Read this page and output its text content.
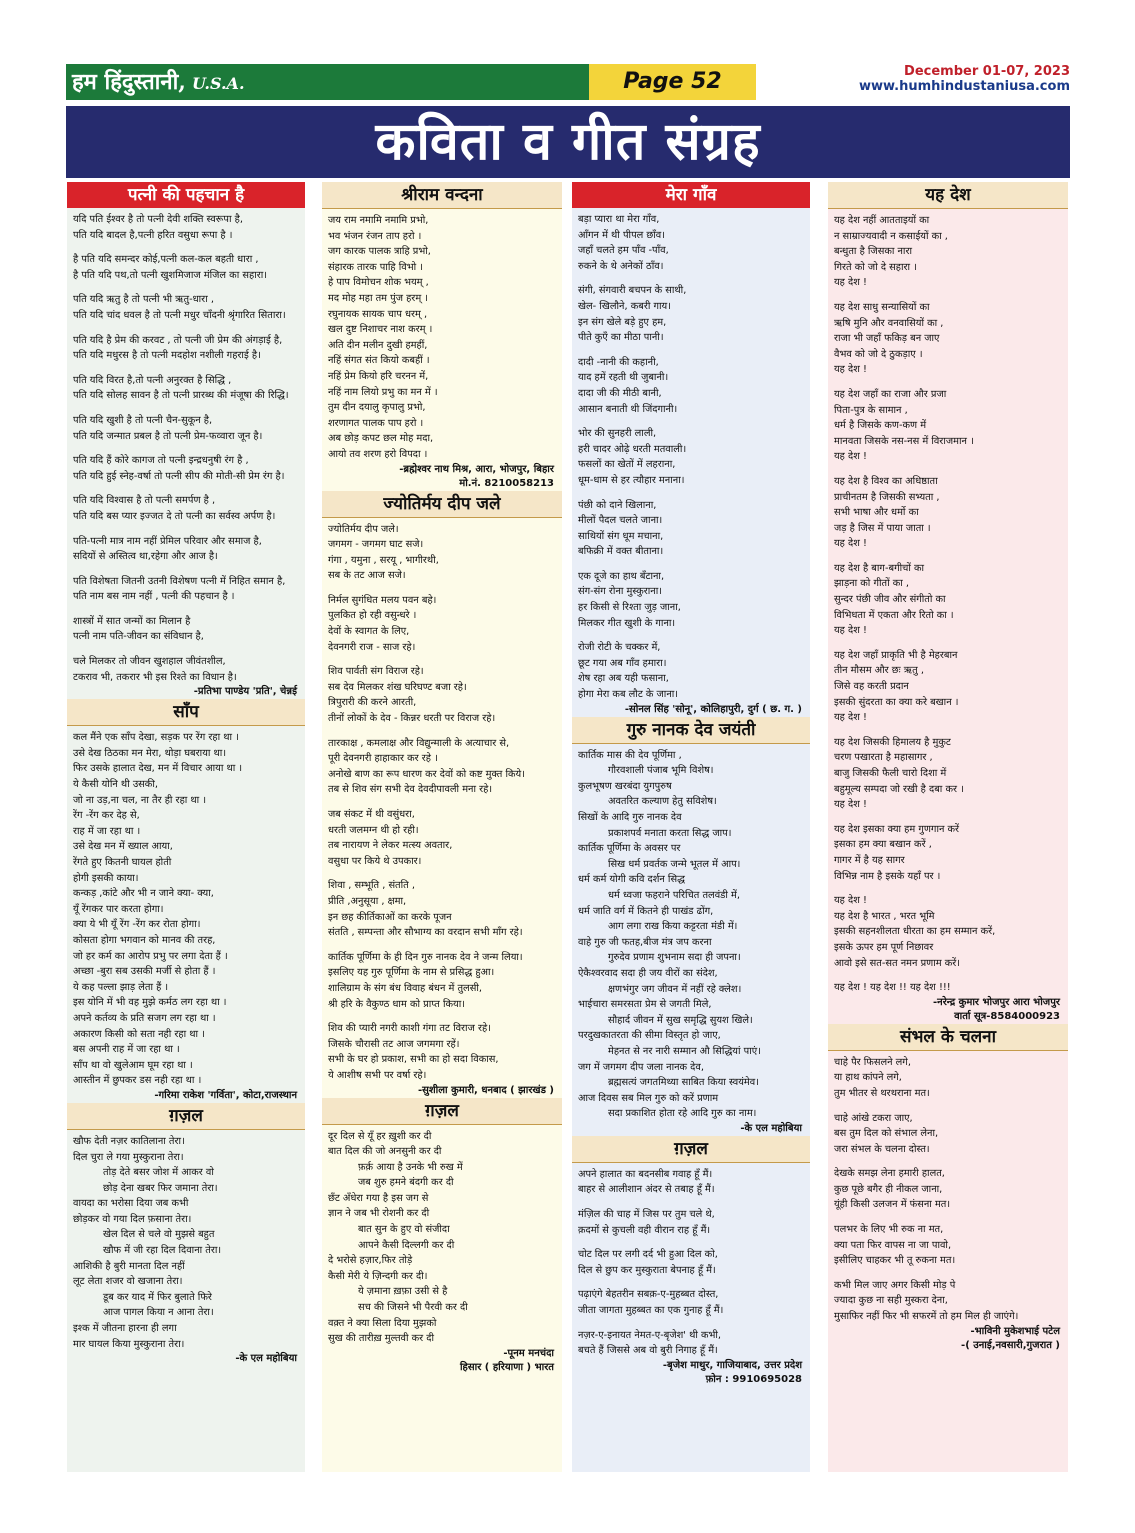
हम हिंदुस्तानी, U.S.A.	Page 52	December 01-07, 2023
www.humhindustaniusa.com
कविता व गीत संग्रह
पत्नी की पहचान है
यदि पति ईश्वर है तो पत्नी देवी शक्ति स्वरूपा है,
पति यदि बादल है,पत्नी हरित वसुधा रूपा है ।
है पति यदि समन्दर कोई,पत्नी कल-कल बहती धारा ,
है पति यदि पथ,तो पत्नी खुशमिजाज मंजिल का सहारा।
पति यदि ऋतु है तो पत्नी भी ऋतु-धारा ,
पति यदि चांद धवल है तो पत्नी मधुर चाँदनी श्रृंगारित सितारा।
पति यदि है प्रेम की करवट , तो पत्नी जी प्रेम की अंगड़ाई है,
पति यदि मधुरस है तो पत्नी मदहोश नशीली गहराई है।
पति यदि विरत है,तो पत्नी अनुरक्त है सिद्धि ,
पति यदि सोलह सावन है तो पत्नी प्रारब्ध की मंजूषा की रिद्धि।
पति यदि खुशी है तो पत्नी चैन-सुकून है,
पति यदि जन्मात प्रबल है तो पत्नी प्रेम-फव्वारा जून है।
पति यदि हैं कोरे कागज तो पत्नी इन्द्रधनुषी रंग है ,
पति यदि हुई स्नेह-वर्षा तो पत्नी सीप की मोती-सी प्रेम रंग है।
पति यदि विश्वास है तो पत्नी समर्पण है ,
पति यदि बस प्यार इज्जत दे तो पत्नी का सर्वस्व अर्पण है।
पति-पत्नी मात्र नाम नहीं प्रेमिल परिवार और समाज है,
सदियों से अस्तित्व था,रहेगा और आज है।
पति विशेषता जितनी उतनी विशेषण पत्नी में निहित समान है,
पति नाम बस नाम नहीं , पत्नी की पहचान है ।
शास्त्रों में सात जन्मों का मिलान है
पत्नी नाम पति-जीवन का संविधान है,
चले मिलकर तो जीवन खुशहाल जीवंतशील,
टकराव भी, तकरार भी इस रिश्ते का विधान है।
-प्रतिभा पाण्डेय 'प्रति', चेन्नई
साँप
कल मैंने एक साँप देखा, सड़क पर रेंग रहा था ।
उसे देख ठिठका मन मेरा, थोड़ा घबराया था।
फिर उसके हालात देख, मन में विचार आया था ।
ये कैसी योनि थी उसकी,
जो ना उड़,ना चल, ना तैर ही रहा था ।
रेंग -रेंग कर देह से,
राह में जा रहा था ।
उसे देख मन में ख्याल आया,
रेंगते हुए कितनी घायल होती
होगी इसकी काया।
कन्कड़ ,कांटे और भी न जाने क्या- क्या,
यूँ रेंगकर पार करता होगा।
क्या ये भी यूँ रेंग -रेंग कर रोता होगा।
कोसता होगा भगवान को मानव की तरह,
जो हर कर्म का आरोप प्रभु पर लगा देता हैं ।
अच्छा -बुरा सब उसकी मर्जी से होता हैं ।
ये कह पल्ला झाड़ लेता हैं ।
इस योनि में भी वह मुझे कर्मठ लग रहा था ।
अपने कर्तव्य के प्रति सजग लग रहा था ।
अकारण किसी को सता नही रहा था ।
बस अपनी राह में जा रहा था ।
साँप था वो खुलेआम घूम रहा था ।
आस्तीन में छुपकर डस नही रहा था ।
-गरिमा राकेश 'गर्विता', कोटा,राजस्थान
ग़ज़ल
खौफ देती नज़र कातिलाना तेरा।
दिल चुरा ले गया मुस्कुराना तेरा।
तोड़ देते बसर जोश में आकर वो
छोड़ देना खबर फिर जमाना तेरा।
वायदा का भरोसा दिया जब कभी
छोड़कर वो गया दिल फ़साना तेरा।
खेल दिल से चले वो मुझसे बहुत
खौफ में जी रहा दिल दिवाना तेरा।
आशिकी है बुरी मानता दिल नहीं
लूट लेता शजर वो खजाना तेरा।
डूब कर याद में फिर बुलाते फिरे
आज पागल किया न आना तेरा।
इश्क में जीतना हारना ही लगा
मार घायल किया मुस्कुराना तेरा।
-के एल महोबिया
श्रीराम वन्दना
जय राम नमामि नमामि प्रभो,
भव भंजन रंजन ताप हरो ।
जग कारक पालक त्राहि प्रभो,
संहारक तारक पाहि विभो ।
हे पाप विमोचन शोक भयम् ,
मद मोह महा तम पुंज हरम् ।
रघुनायक सायक चाप धरम् ,
खल दुष्ट निशाचर नाश करम् ।
अति दीन मलीन दुखी हमहीं,
नहिं संगत संत कियो कबहीं ।
नहिं प्रेम कियो हरि चरनन में,
नहिं नाम लियो प्रभु का मन में ।
तुम दीन दयालु कृपालु प्रभो,
शरणागत पालक पाप हरो ।
अब छोड़ कपट छल मोह मदा,
आयो तव शरण हरो विपदा ।
-ब्रह्मेश्वर नाथ मिश्र, आरा, भोजपुर, बिहार
मो.नं. 8210058213
ज्योतिर्मय दीप जले
ज्योतिर्मय दीप जले।
जगमग - जगमग घाट सजे।
गंगा , यमुना , सरयू , भागीरथी,
सब के तट आज सजे।
निर्मल सुगंधित मलय पवन बहे।
पुलकित हो रही वसुन्धरे ।
देवों के स्वागत के लिए,
देवनगरी राज - साज रहे।
शिव पार्वती संग विराज रहे।
सब देव मिलकर शंख घरिघण्ट बजा रहे।
त्रिपुरारी की करने आरती,
तीनों लोकों के देव - किन्नर धरती पर विराज रहे।
तारकाक्ष , कमलाक्ष और विद्युन्माली के अत्याचार से,
पूरी देवनगरी हाहाकार कर रहे ।
अनोखे बाण का रूप धारण कर देवों को कष्ट मुक्त किये।
तब से शिव संग सभी देव देवदीपावली मना रहे।
जब संकट में थी वसुंधरा,
धरती जलमग्न थी हो रही।
तब नारायण ने लेकर मत्स्य अवतार,
वसुधा पर किये थे उपकार।
शिवा , सम्भूति , संतति ,
प्रीति ,अनुसूया , क्षमा,
इन छह कीर्तिकाओं का करके पूजन
संतति , सम्पन्ता और सौभाग्य का वरदान सभी माँग रहे।
कार्तिक पूर्णिमा के ही दिन गुरु नानक देव ने जन्म लिया।
इसलिए यह गुरु पूर्णिमा के नाम से प्रसिद्ध हुआ।
शालिग्राम के संग बंध विवाह बंधन में तुलसी,
श्री हरि के वैकुण्ठ धाम को प्राप्त किया।
शिव की प्यारी नगरी काशी गंगा तट विराज रहे।
जिसके चौरासी तट आज जगमगा रहें।
सभी के घर हो प्रकाश, सभी का हो सदा विकास,
ये आशीष सभी पर वर्षा रहे।
-सुशीला कुमारी, धनबाद ( झारखंड )
ग़ज़ल
दूर दिल से यूँ हर ख़ुशी कर दी
बात दिल की जो अनसुनी कर दी
फ़र्क़ आया है उनके भी रुख में
जब शुरु हमने बंदगी कर दी
छँट अँधेरा गया है इस जग से
ज्ञान ने जब भी रोशनी कर दी
बात सुन के हुए वो संजीदा
आपने कैसी दिल्लगी कर दी
दे भरोसे हज़ार,फिर तोड़े
कैसी मेरी ये ज़िन्दगी कर दी।
ये ज़माना ख़फ़ा उसी से है
सच की जिसने भी पैरवी कर दी
वक़्त ने क्या सिला दिया मुझको
सुख की तारीख़ मुल्तवी कर दी
-पूनम मनचंदा
हिसार ( हरियाणा ) भारत
मेरा गाँव
बड़ा प्यारा था मेरा गाँव,
आँगन में थी पीपल छाँव।
जहाँ चलते हम पाँव -पाँव,
रुकने के थे अनेकों ठाँव।
संगी, संगवारी बचपन के साथी,
खेल- खिलौने, कबरी गाय।
इन संग खेले बड़े हुए हम,
पीते कुएँ का मीठा पानी।
दादी -नानी की कहानी,
याद हमें रहती थी जुबानी।
दादा जी की मीठी बानी,
आसान बनाती थी जिंदगानी।
भोर की सुनहरी लाली,
हरी चादर ओढ़े धरती मतवाली।
फसलों का खेतों में लहराना,
धूम-धाम से हर त्यौहार मनाना।
पंछी को दाने खिलाना,
मीलों पैदल चलते जाना।
साथियों संग धूम मचाना,
बफिक्री में वक्त बीताना।
एक दूजे का हाथ बँटाना,
संग-संग रोना मुस्कुराना।
हर किसी से रिश्ता जुड़ जाना,
मिलकर गीत खुशी के गाना।
रोजी रोटी के चक्कर में,
छूट गया अब गाँव हमारा।
शेष रहा अब यही फसाना,
होगा मेरा कब लौट के जाना।
-सोनल सिंह 'सोनू', कोलिहापुरी, दुर्ग ( छ. ग. )
गुरु नानक देव जयंती
कार्तिक मास की देव पूर्णिमा ,
गौरवशाली पंजाब भूमि विशेष।
कुलभूषण खरबंदा युगपुरुष
अवतरित कल्याण हेतु सविशेष।
सिखों के आदि गुरु नानक देव
प्रकाशपर्व मनाता करता सिद्ध जाप।
कार्तिक पूर्णिमा के अवसर पर
सिख धर्म प्रवर्तक जन्मे भूतल में आप।
धर्म कर्म योगी कवि दर्शन सिद्ध
धर्म ध्वजा फहराने परिचित तलवंडी में,
धर्म जाति वर्ग में कितने ही पाखंड ढोंग,
आग लगा राख किया कट्टरता मंडी में।
वाहे गुरु जी फतह,बीज मंत्र जप करना
गुरुदेव प्रणाम शुभनाम सदा ही जपना।
ऐकैश्वरवाद सदा ही जय वीरों का संदेश,
क्षणभंगुर जग जीवन में नहीं रहे क्लेश।
भाईचारा समरसता प्रेम से जगती मिले,
सौहार्द जीवन में सुख समृद्धि सुयश खिले।
परदुखकातरता की सीमा विस्तृत हो जाए,
मेहनत से नर नारी सम्मान औ सिद्धियां पाएं।
जग में जगमग दीप जला नानक देव,
ब्रह्मसत्यं जगतमिथ्या साबित किया स्वयंमेव।
आज दिवस सब मिल गुरु को करें प्रणाम
सदा प्रकाशित होता रहे आदि गुरु का नाम।
-के एल महोबिया
ग़ज़ल
अपने हालात का बदनसीब गवाह हूँ मैं।
बाहर से आलीशान अंदर से तबाह हूँ मैं।
मंज़िल की चाह में जिस पर तुम चले थे,
क़दमों से कुचली वही वीरान राह हूँ मैं।
चोट दिल पर लगी दर्द भी हुआ दिल को,
दिल से छुप कर मुस्कुराता बेपनाह हूँ मैं।
पढ़ाएंगे बेहतरीन सबक़-ए-मुहब्बत दोस्त,
जीता जागता मुहब्बत का एक गुनाह हूँ मैं।
नज़र-ए-इनायत नेमत-ए-बृजेश' थी कभी,
बचते हैं जिससे अब वो बुरी निगाह हूँ मैं।
-बृजेश माथुर, गाजियाबाद, उत्तर प्रदेश
फ़ोन : 9910695028
यह देश
यह देश नहीं आतताइयों का
न साम्राज्यवादी न कसाईयों का ,
बन्धुता है जिसका नारा
गिरते को जो दे सहारा ।
यह देश !
यह देश साधु सन्यासियों का
ऋषि मुनि और वनवासियों का ,
राजा भी जहाँ फकिड़ बन जाए
वैभव को जो दे ठुकड़ाए ।
यह देश !
यह देश जहाँ का राजा और प्रजा
पिता-पुत्र के सामान ,
धर्म है जिसके कण-कण में
मानवता जिसके नस-नस में विराजमान ।
यह देश !
यह देश है विश्व का अधिष्ठाता
प्राचीनतम है जिसकी सभ्यता ,
सभी भाषा और धर्मो का
जड़ है जिस में पाया जाता ।
यह देश !
यह देश है बाग-बगीचों का
झाड़ना को गीतों का ,
सुन्दर पंछी जीव और संगीतो का
विभिधता में एकता और रितो का ।
यह देश !
यह देश जहाँ प्राकृति भी है मेहरबान
तीन मौसम और छः ऋतु ,
जिसे वह करती प्रदान
इसकी सुंदरता का क्या करे बखान ।
यह देश !
यह देश जिसकी हिमालय है मुकुट
चरण पखारता है महासागर ,
बाजु जिसकी फैली चारो दिशा में
बहुमूल्य सम्पदा जो रखी है दबा कर ।
यह देश !
यह देश इसका क्या हम गुणगान करें
इसका हम क्या बखान करें ,
गागर में है यह सागर
विभिन्न नाम है इसके यहाँ पर ।
यह देश !
यह देश है भारत , भरत भूमि
इसकी सहनशीलता धीरता का हम सम्मान करें,
इसके ऊपर हम पूर्ण निछावर
आवो इसे सत-सत नमन प्रणाम करें।
यह देश ! यह देश !! यह देश !!!
-नरेन्द्र कुमार भोजपुर आरा भोजपुर
वार्ता सूत्र-8584000923
संभल के चलना
चाहे पैर फिसलने लगे,
या हाथ कांपने लगे,
तुम भीतर से थरथराना मत।
चाहे आंखे टकरा जाए,
बस तुम दिल को संभाल लेना,
जरा संभल के चलना दोस्त।
देखके समझ लेना हमारी हालत,
कुछ पूछे बगैर ही नीकल जाना,
यूंही किसी उलजन में फंसना मत।
पलभर के लिए भी रुक ना मत,
क्या पता फिर वापस ना जा पावो,
इसीलिए चाहकर भी तू रुकना मत।
कभी मिल जाए अगर किसी मोड़ पे
ज्यादा कुछ ना सही मुस्करा देना,
मुसाफिर नहीं फिर भी सफरमें तो हम मिल ही जाएंगे।
-भाविनी मुकेशभाई पटेल
-( उनाई,नवसारी,गुजरात )
